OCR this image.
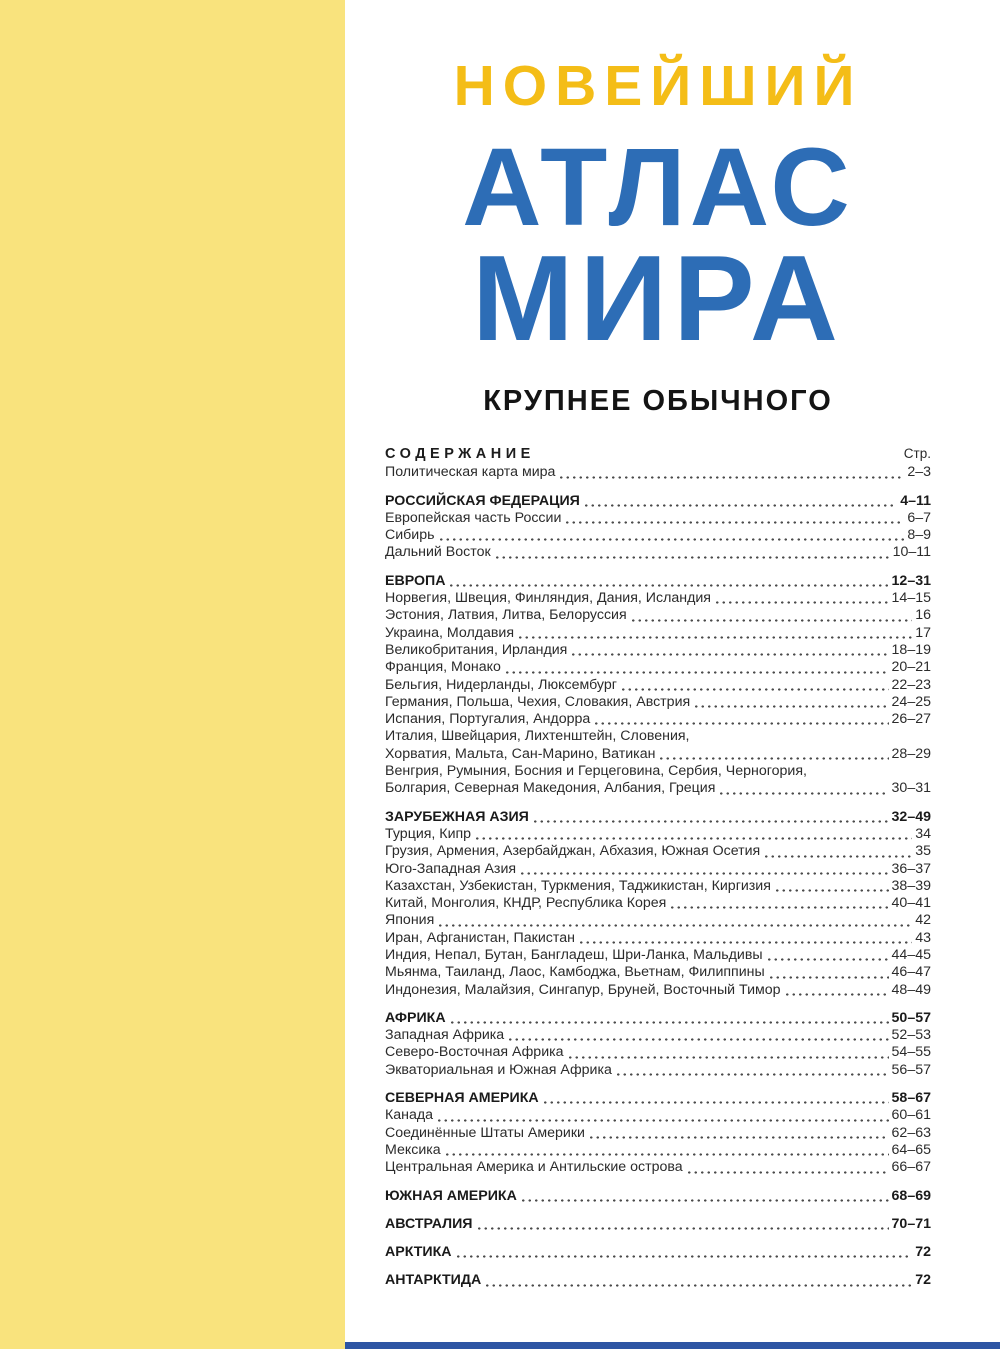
НОВЕЙШИЙ
АТЛАС
МИРА
КРУПНЕЕ ОБЫЧНОГО
СОДЕРЖАНИЕ	Стр.
Политическая карта мира	2–3
РОССИЙСКАЯ ФЕДЕРАЦИЯ	4–11
Европейская часть России	6–7
Сибирь	8–9
Дальний Восток	10–11
ЕВРОПА	12–31
Норвегия, Швеция, Финляндия, Дания, Исландия	14–15
Эстония, Латвия, Литва, Белоруссия	16
Украина, Молдавия	17
Великобритания, Ирландия	18–19
Франция, Монако	20–21
Бельгия, Нидерланды, Люксембург	22–23
Германия, Польша, Чехия, Словакия, Австрия	24–25
Испания, Португалия, Андорра	26–27
Италия, Швейцария, Лихтенштейн, Словения,
Хорватия, Мальта, Сан-Марино, Ватикан	28–29
Венгрия, Румыния, Босния и Герцеговина, Сербия, Черногория,
Болгария, Северная Македония, Албания, Греция	30–31
ЗАРУБЕЖНАЯ АЗИЯ	32–49
Турция, Кипр	34
Грузия, Армения, Азербайджан, Абхазия, Южная Осетия	35
Юго-Западная Азия	36–37
Казахстан, Узбекистан, Туркмения, Таджикистан, Киргизия	38–39
Китай, Монголия, КНДР, Республика Корея	40–41
Япония	42
Иран, Афганистан, Пакистан	43
Индия, Непал, Бутан, Бангладеш, Шри-Ланка, Мальдивы	44–45
Мьянма, Таиланд, Лаос, Камбоджа, Вьетнам, Филиппины	46–47
Индонезия, Малайзия, Сингапур, Бруней, Восточный Тимор	48–49
АФРИКА	50–57
Западная Африка	52–53
Северо-Восточная Африка	54–55
Экваториальная и Южная Африка	56–57
СЕВЕРНАЯ АМЕРИКА	58–67
Канада	60–61
Соединённые Штаты Америки	62–63
Мексика	64–65
Центральная Америка и Антильские острова	66–67
ЮЖНАЯ АМЕРИКА	68–69
АВСТРАЛИЯ	70–71
АРКТИКА	72
АНТАРКТИДА	72
